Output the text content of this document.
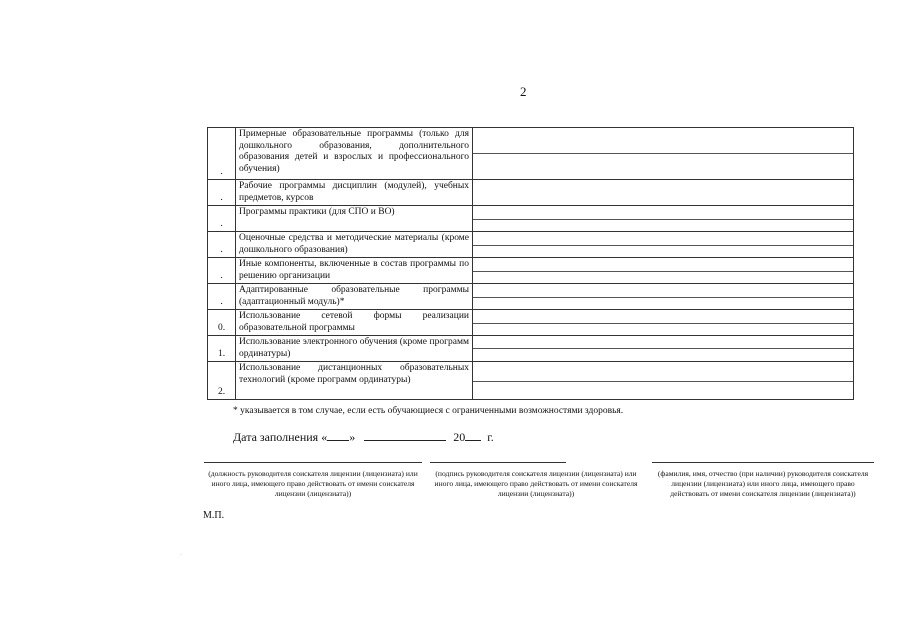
2
.	Примерные образовательные программы (только для дошкольного образования, дополнительного образования детей и взрослых и профессионального обучения)	

.	Рабочие программы дисциплин (модулей), учебных предметов, курсов	
.	Программы практики (для СПО и ВО)	

.	Оценочные средства и методические материалы (кроме дошкольного образования)	

.	Иные компоненты, включенные в состав программы по решению организации	

.	Адаптированные образовательные программы (адаптационный модуль)*	

0.	Использование сетевой формы реализации образовательной программы	

1.	Использование электронного обучения (кроме программ ординатуры)	

2.	Использование дистанционных образовательных технологий (кроме программ ординатуры)	
* указывается в том случае, если есть обучающиеся с ограниченными возможностями здоровья.
Дата заполнения « »	20 г.
(должность руководителя соискателя лицензии (лицензиата) или иного лица, имеющего право действовать от имени соискателя лицензии (лицензиата))
(подпись руководителя соискателя лицензии (лицензиата) или иного лица, имеющего право действовать от имени соискателя лицензии (лицензиата))
(фамилия, имя, отчество (при наличии) руководителя соискателя лицензии (лицензиата) или иного лица, имеющего право действовать от имени соискателя лицензии (лицензиата))
М.П.
·
